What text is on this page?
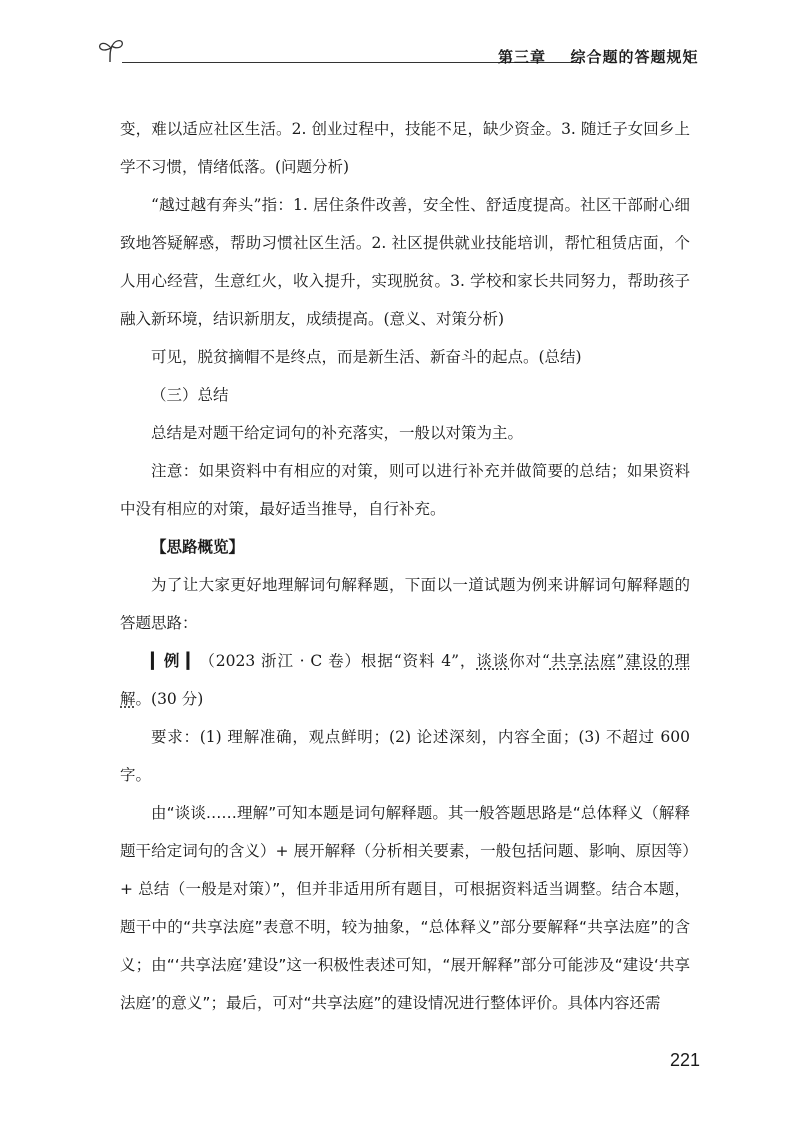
第三章 综合题的答题规矩

变，难以适应社区生活。2. 创业过程中，技能不足，缺少资金。3. 随迁子女回乡上学不习惯，情绪低落。(问题分析)

“越过越有奔头”指：1. 居住条件改善，安全性、舒适度提高。社区干部耐心细致地答疑解惑，帮助习惯社区生活。2. 社区提供就业技能培训，帮忙租赁店面，个人用心经营，生意红火，收入提升，实现脱贫。3. 学校和家长共同努力，帮助孩子融入新环境，结识新朋友，成绩提高。(意义、对策分析)

可见，脱贫摘帽不是终点，而是新生活、新奋斗的起点。(总结)

（三）总结

总结是对题干给定词句的补充落实，一般以对策为主。

注意：如果资料中有相应的对策，则可以进行补充并做简要的总结；如果资料中没有相应的对策，最好适当推导，自行补充。

【思路概览】

为了让大家更好地理解词句解释题，下面以一道试题为例来讲解词句解释题的答题思路：

▎例 ▎（2023 浙江 · C 卷）根据“资料 4”，谈谈你对“共享法庭”建设的理解。(30 分)

要求：(1) 理解准确，观点鲜明；(2) 论述深刻，内容全面；(3) 不超过 600 字。

由“谈谈……理解”可知本题是词句解释题。其一般答题思路是“总体释义（解释题干给定词句的含义）+ 展开解释（分析相关要素，一般包括问题、影响、原因等）+ 总结（一般是对策）”，但并非适用所有题目，可根据资料适当调整。结合本题，题干中的“共享法庭”表意不明，较为抽象，“总体释义”部分要解释“共享法庭”的含义；由“‘共享法庭’建设”这一积极性表述可知，“展开解释”部分可能涉及“建设‘共享法庭’的意义”；最后，可对“共享法庭”的建设情况进行整体评价。具体内容还需

221
